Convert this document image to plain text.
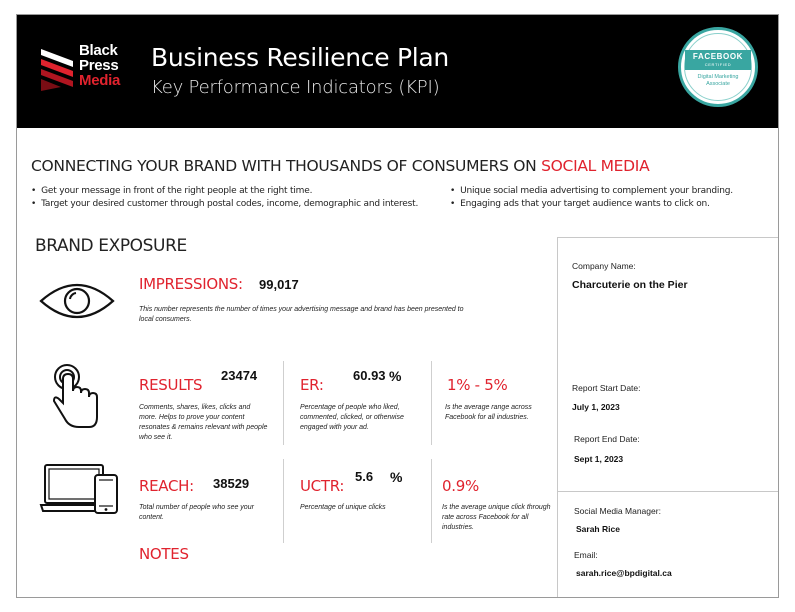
Black
Press
Media
Business Resilience Plan
Key Performance Indicators (KPI)
FACEBOOK
CERTIFIED
Digital Marketing
Associate
CONNECTING YOUR BRAND WITH THOUSANDS OF CONSUMERS ON SOCIAL MEDIA
• Get your message in front of the right people at the right time.
• Target your desired customer through postal codes, income, demographic and interest.
• Unique social media advertising to complement your branding.
• Engaging ads that your target audience wants to click on.
BRAND EXPOSURE
IMPRESSIONS: 99,017
This number represents the number of times your advertising message and brand has been presented to local consumers.
RESULTS
23474
Comments, shares, likes, clicks and more. Helps to prove your content resonates & remains relevant with people who see it.
ER:
60.93 %
Percentage of people who liked, commented, clicked, or otherwise engaged with your ad.
1% - 5%
Is the average range across Facebook for all industries.
REACH: 38529
Total number of people who see your content.
UCTR:
5.6 %
Percentage of unique clicks
0.9%
Is the average unique click through rate across Facebook for all industries.
NOTES
Company Name:
Charcuterie on the Pier
Report Start Date:
July 1, 2023
Report End Date:
Sept 1, 2023
Social Media Manager:
Sarah Rice
Email:
sarah.rice@bpdigital.ca
